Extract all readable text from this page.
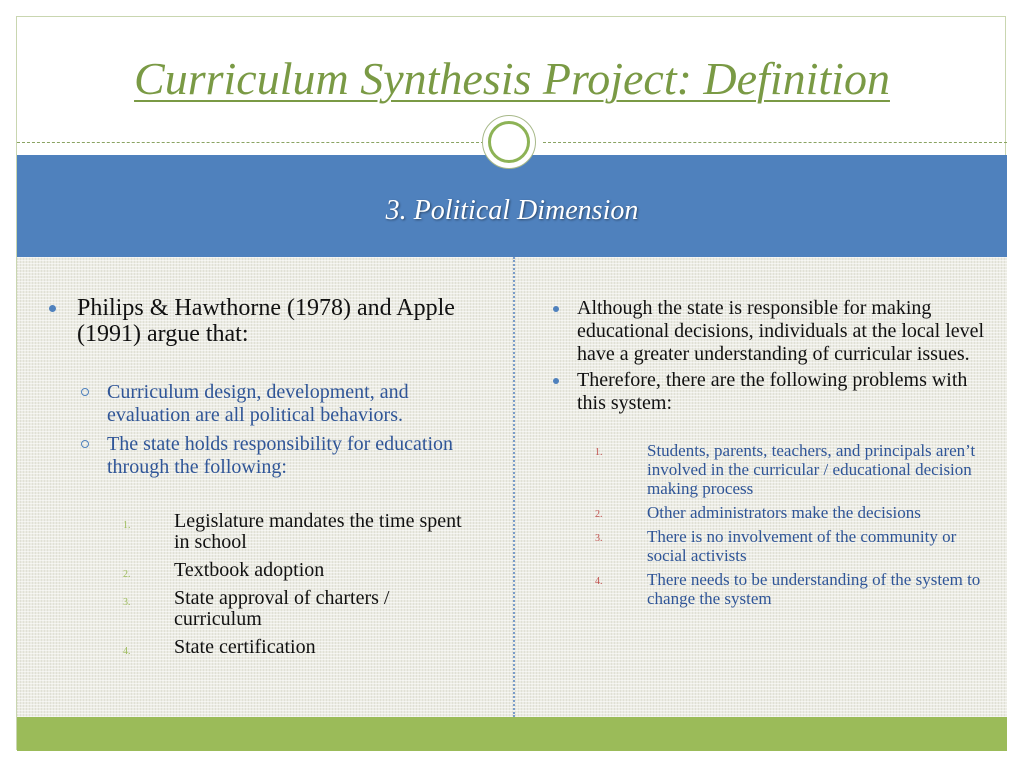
Curriculum Synthesis Project: Definition
3. Political Dimension
Philips & Hawthorne (1978) and Apple (1991) argue that:
Curriculum design, development, and evaluation are all political behaviors.
The state holds responsibility for education through the following:
1. Legislature mandates the time spent in school
2. Textbook adoption
3. State approval of charters / curriculum
4. State certification
Although the state is responsible for making educational decisions, individuals at the local level have a greater understanding of curricular issues.
Therefore, there are the following problems with this system:
1.	Students, parents, teachers, and principals aren’t involved in the curricular / educational decision making process
2.	Other administrators make the decisions
3.	There is no involvement of the community or social activists
4.	There needs to be understanding of the system to change the system
